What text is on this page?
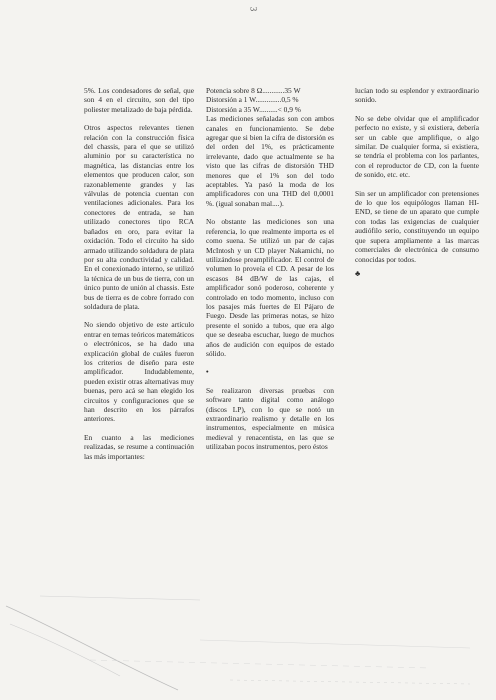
3

5%. Los condesadores de señal, que son 4 en el circuito, son del tipo poliester metalizado de baja pérdida.

Otros aspectos relevantes tienen relación con la construcción física del chassis, para el que se utilizó aluminio por su característica no magnética, las distancias entre los elementos que producen calor, son razonablemente grandes y las válvulas de potencia cuentan con ventilaciones adicionales. Para los conectores de entrada, se han utilizado conectores tipo RCA bañados en oro, para evitar la oxidación. Todo el circuito ha sido armado utilizando soldadura de plata por su alta conductividad y calidad. En el conexionado interno, se utilizó la técnica de un bus de tierra, con un único punto de unión al chassis. Este bus de tierra es de cobre forrado con soldadura de plata.

No siendo objetivo de este artículo entrar en temas teóricos matemáticos o electrónicos, se ha dado una explicación global de cuáles fueron los criterios de diseño para este amplificador. Indudablemente, pueden existir otras alternativas muy buenas, pero acá se han elegido los circuitos y configuraciones que se han descrito en los párrafos anteriores.

En cuanto a las mediciones realizadas, se resume a continuación las más importantes:

Potencia sobre 8 Ω............35 W
Distorsión a 1 W..............0,5 %
Distorsión a 35 W..........< 0,9 %

Las mediciones señaladas son con ambos canales en funcionamiento. Se debe agregar que si bien la cifra de distorsión es del orden del 1%, es prácticamente irrelevante, dado que actualmente se ha visto que las cifras de distorsión THD menores que el 1% son del todo aceptables. Ya pasó la moda de los amplificadores con una THD del 0,0001 %. (igual sonaban mal....).

No obstante las mediciones son una referencia, lo que realmente importa es el como suena. Se utilizó un par de cajas McIntosh y un CD player Nakamichi, no utilizándose preamplificador. El control de volumen lo proveía el CD. A pesar de los escasos 84 dB/W de las cajas, el amplificador sonó poderoso, coherente y controlado en todo momento, incluso con los pasajes más fuertes de El Pájaro de Fuego. Desde las primeras notas, se hizo presente el sonido a tubos, que era algo que se deseaba escuchar, luego de muchos años de audición con equipos de estado sólido.

•

Se realizaron diversas pruebas con software tanto digital como análogo (discos LP), con lo que se notó un extraordinario realismo y detalle en los instrumentos, especialmente en música medieval y renacentista, en las que se utilizaban pocos instrumentos, pero éstos

lucían todo su esplendor y extraordinario sonido.

No se debe olvidar que el amplificador perfecto no existe, y si existiera, debería ser un cable que amplifique, o algo similar. De cualquier forma, si existiera, se tendría el problema con los parlantes, con el reproductor de CD, con la fuente de sonido, etc. etc.

Sin ser un amplificador con pretensiones de lo que los equipólogos llaman HI-END, se tiene de un aparato que cumple con todas las exigencias de cualquier audiófilo serio, constituyendo un equipo que supera ampliamente a las marcas comerciales de electrónica de consumo conocidas por todos.

♣
